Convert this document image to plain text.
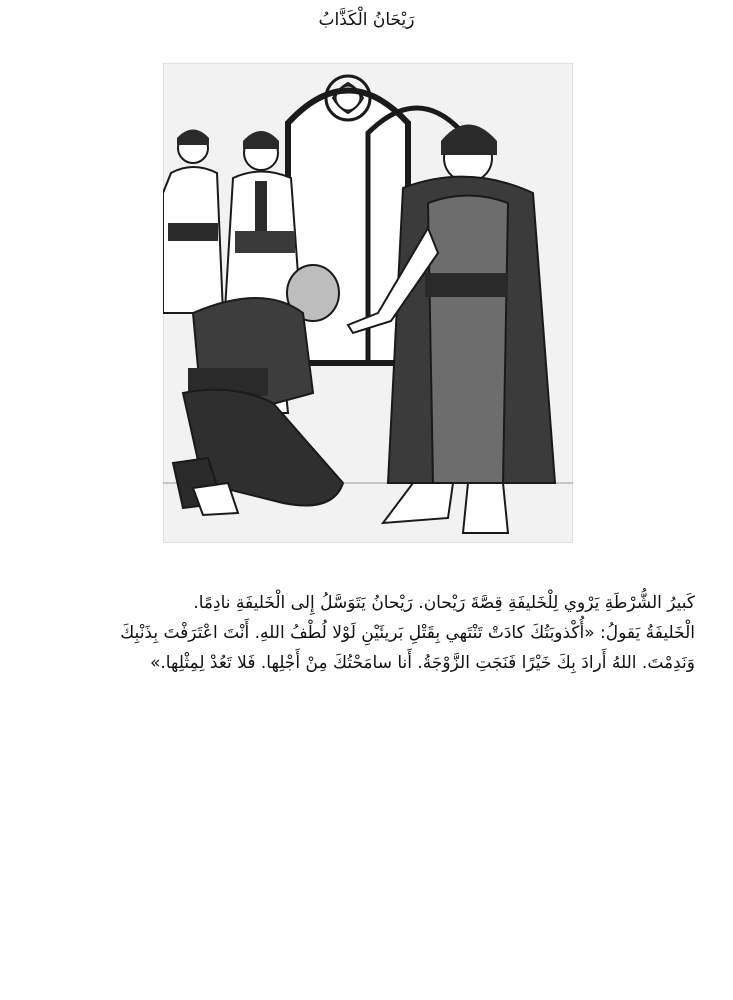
رَيْحَانُ الْكَذَّابُ

كَبيرُ الشُّرْطَةِ يَرْوي لِلْخَليفَةِ قِصَّةَ رَيْحان. رَيْحانُ يَتَوَسَّلُ إِلى الْخَليفَةِ نادِمًا.

الْخَليفَةُ يَقولُ: «أُكْذوبَتُكَ كادَتْ تَنْتَهي بِقَتْلِ بَريئَيْنِ لَوْلا لُطْفُ اللهِ. أَنْتَ اعْتَرَفْتَ بِذَنْبِكَ

وَنَدِمْتَ. اللهُ أَرادَ بِكَ خَيْرًا فَنَجَتِ الزَّوْجَةُ. أَنا سامَحْتُكَ مِنْ أَجْلِها. فَلا تَعُدْ لِمِثْلِها.»
